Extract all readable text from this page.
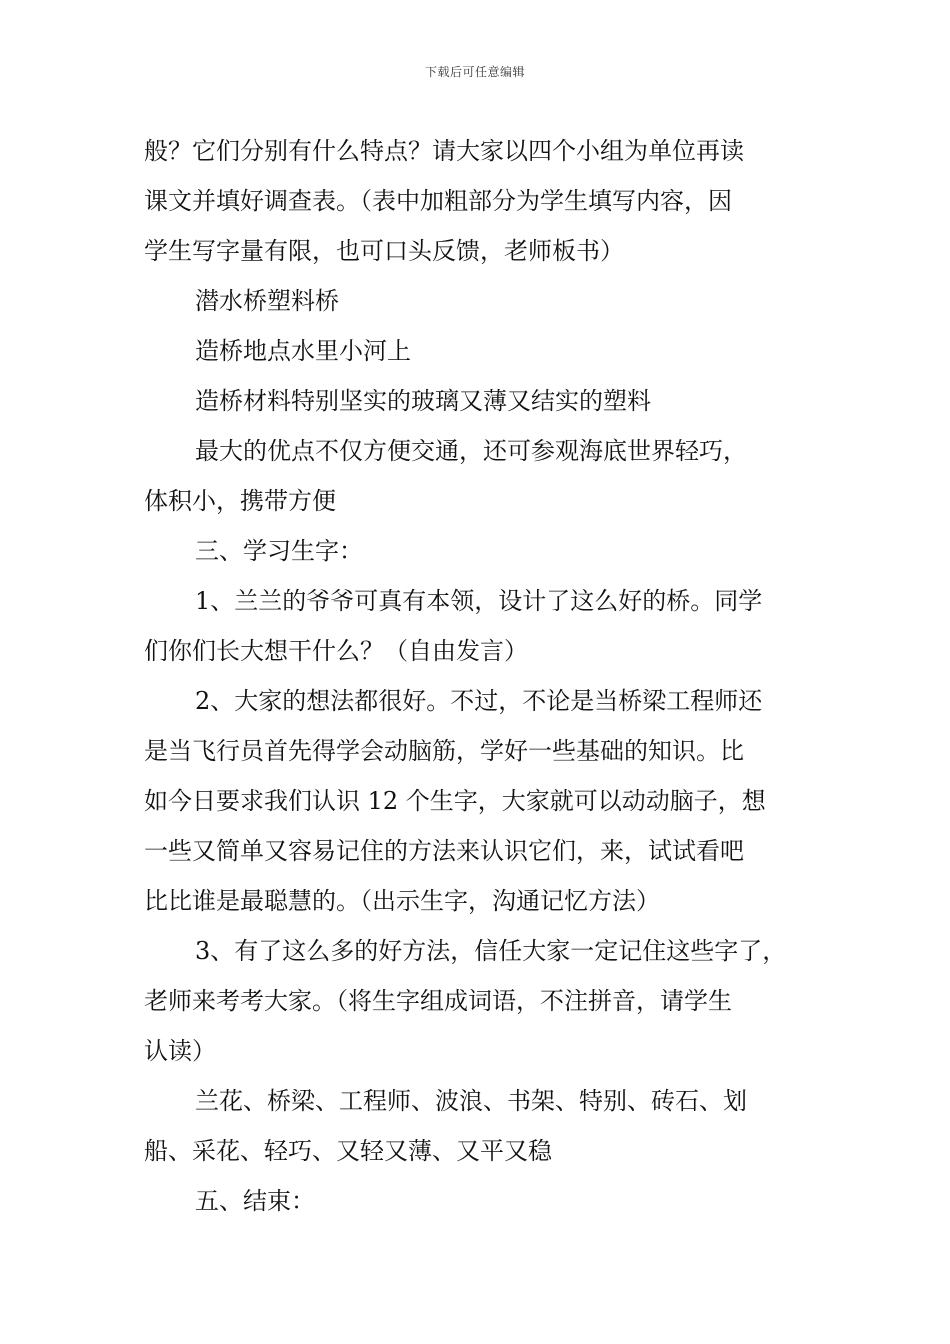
下载后可任意编辑
般？它们分别有什么特点？请大家以四个小组为单位再读
课文并填好调查表。（表中加粗部分为学生填写内容，因
学生写字量有限，也可口头反馈，老师板书）
潜水桥塑料桥
造桥地点水里小河上
造桥材料特别坚实的玻璃又薄又结实的塑料
最大的优点不仅方便交通，还可参观海底世界轻巧，
体积小，携带方便
三、学习生字：
1、兰兰的爷爷可真有本领，设计了这么好的桥。同学
们你们长大想干什么？（自由发言）
2、大家的想法都很好。不过，不论是当桥梁工程师还
是当飞行员首先得学会动脑筋，学好一些基础的知识。比
如今日要求我们认识 12 个生字，大家就可以动动脑子，想
一些又简单又容易记住的方法来认识它们，来，试试看吧
比比谁是最聪慧的。（出示生字，沟通记忆方法）
3、有了这么多的好方法，信任大家一定记住这些字了，
老师来考考大家。（将生字组成词语，不注拼音，请学生
认读）
兰花、桥梁、工程师、波浪、书架、特别、砖石、划
船、采花、轻巧、又轻又薄、又平又稳
五、结束：
